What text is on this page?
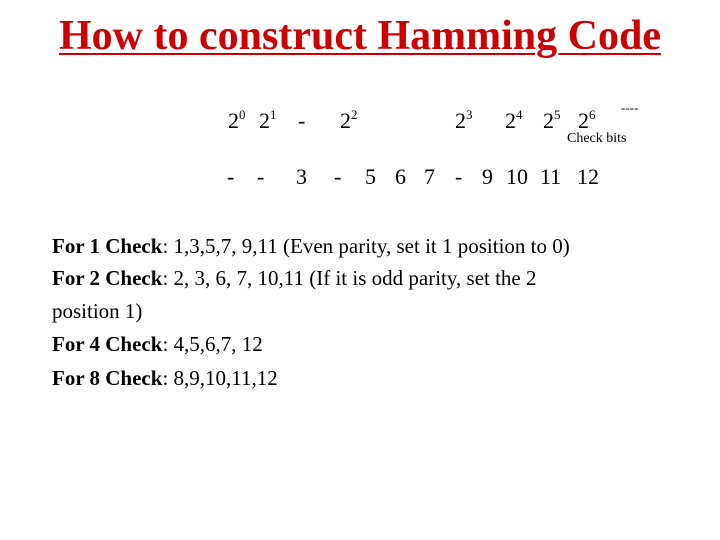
How to construct Hamming Code
$2^0$ $2^1 - 2^2$	$2^3$ $2^4$ $2^5$ $2^6$ ----
Check bits
- - 3 - 5 6 7 - 9 10 11 12
For 1 Check: 1,3,5,7, 9,11 (Even parity, set it 1 position to 0)
For 2 Check: 2, 3, 6, 7, 10,11 (If it is odd parity, set the 2
position 1)
For 4 Check: 4,5,6,7, 12
For 8 Check: 8,9,10,11,12
